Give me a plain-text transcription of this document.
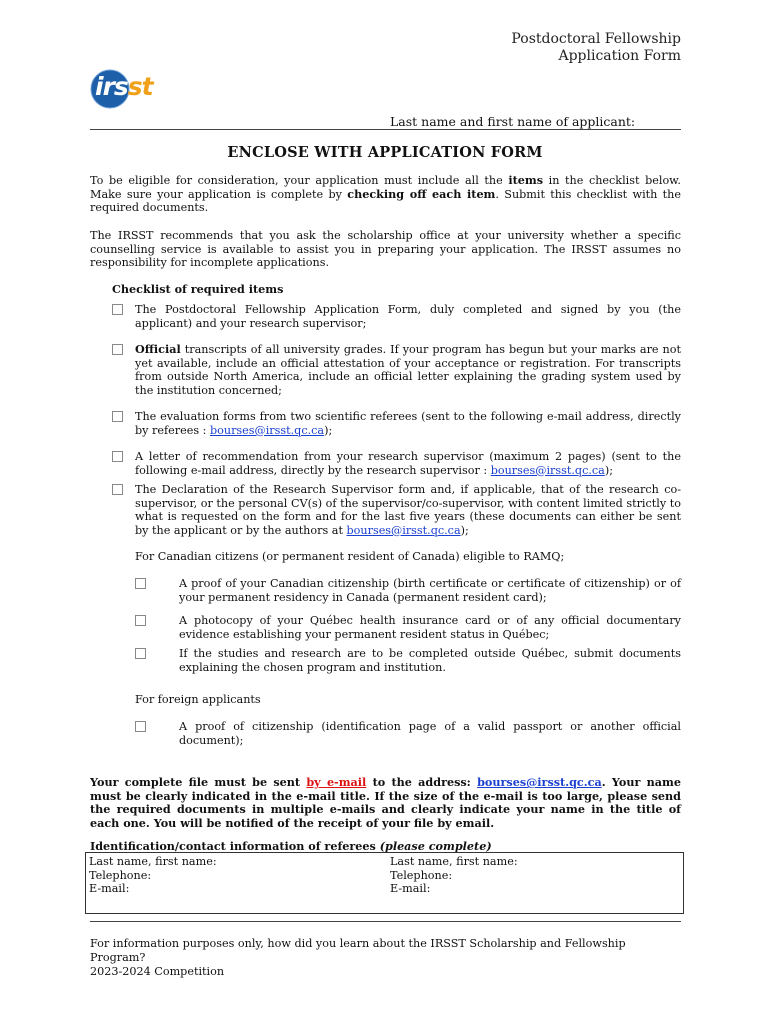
Postdoctoral Fellowship
Application Form
irsst
Last name and first name of applicant:
ENCLOSE WITH APPLICATION FORM
To be eligible for consideration, your application must include all the items in the checklist below. Make sure your application is complete by checking off each item. Submit this checklist with the required documents.
The IRSST recommends that you ask the scholarship office at your university whether a specific counselling service is available to assist you in preparing your application. The IRSST assumes no responsibility for incomplete applications.
Checklist of required items
The Postdoctoral Fellowship Application Form, duly completed and signed by you (the applicant) and your research supervisor;
Official transcripts of all university grades. If your program has begun but your marks are not yet available, include an official attestation of your acceptance or registration. For transcripts from outside North America, include an official letter explaining the grading system used by the institution concerned;
The evaluation forms from two scientific referees (sent to the following e-mail address, directly by referees : bourses@irsst.qc.ca);
A letter of recommendation from your research supervisor (maximum 2 pages) (sent to the following e-mail address, directly by the research supervisor : bourses@irsst.qc.ca);
The Declaration of the Research Supervisor form and, if applicable, that of the research co-supervisor, or the personal CV(s) of the supervisor/co-supervisor, with content limited strictly to what is requested on the form and for the last five years (these documents can either be sent by the applicant or by the authors at bourses@irsst.qc.ca);
For Canadian citizens (or permanent resident of Canada) eligible to RAMQ;
A proof of your Canadian citizenship (birth certificate or certificate of citizenship) or of your permanent residency in Canada (permanent resident card);
A photocopy of your Québec health insurance card or of any official documentary evidence establishing your permanent resident status in Québec;
If the studies and research are to be completed outside Québec, submit documents explaining the chosen program and institution.
For foreign applicants
A proof of citizenship (identification page of a valid passport or another official document);
Your complete file must be sent by e-mail to the address: bourses@irsst.qc.ca. Your name must be clearly indicated in the e-mail title. If the size of the e-mail is too large, please send the required documents in multiple e-mails and clearly indicate your name in the title of each one. You will be notified of the receipt of your file by email.
Identification/contact information of referees (please complete)
Last name, first name:
Telephone:
E-mail:
Last name, first name:
Telephone:
E-mail:
For information purposes only, how did you learn about the IRSST Scholarship and Fellowship Program?
2023-2024 Competition
